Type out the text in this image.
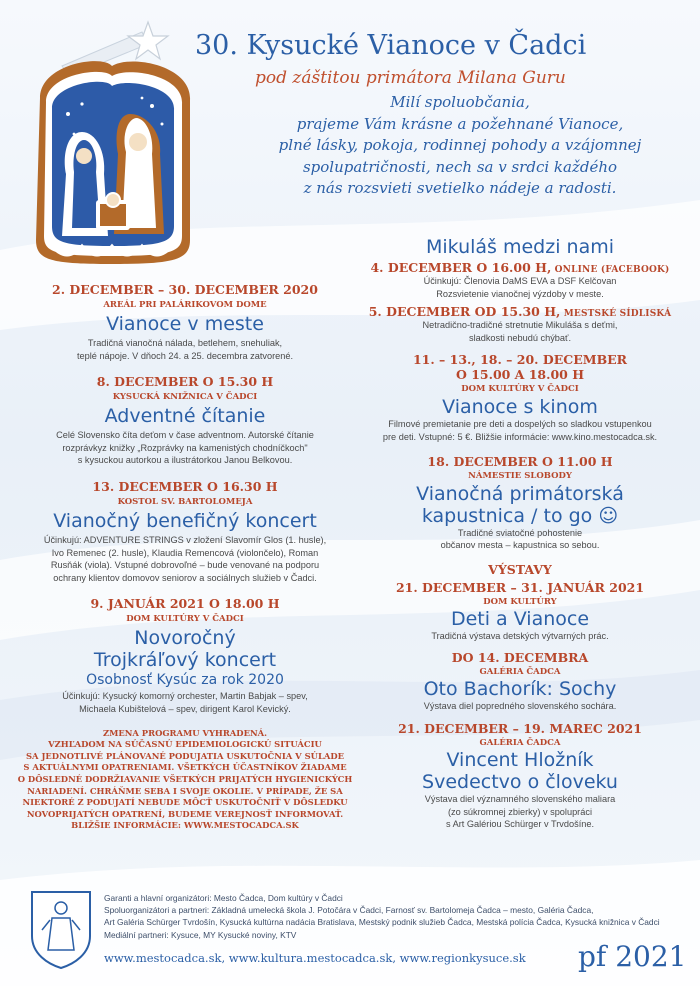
30. Kysucké Vianoce v Čadci
pod záštitou primátora Milana Guru
Milí spoluobčania,
prajeme Vám krásne a požehnané Vianoce,
plné lásky, pokoja, rodinnej pohody a vzájomnej
spolupatričnosti, nech sa v srdci každého
z nás rozsvieti svetielko nádeje a radosti.
2. DECEMBER – 30. DECEMBER 2020
AREÁL PRI PALÁRIKOVOM DOME
Vianoce v meste
Tradičná vianočná nálada, betlehem, snehuliak,
teplé nápoje. V dňoch 24. a 25. decembra zatvorené.
8. DECEMBER O 15.30 H
KYSUCKÁ KNIŽNICA V ČADCI
Adventné čítanie
Celé Slovensko číta deťom v čase adventnom. Autorské čítanie
rozprávkyz knižky „Rozprávky na kamenistých chodníčkoch"
s kysuckou autorkou a ilustrátorkou Janou Belkovou.
13. DECEMBER O 16.30 H
KOSTOL SV. BARTOLOMEJA
Vianočný benefičný koncert
Účinkujú: ADVENTURE STRINGS v zložení Slavomír Glos (1. husle),
Ivo Remenec (2. husle), Klaudia Remencová (violončelo), Roman
Rusňák (viola). Vstupné dobrovoľné – bude venované na podporu
ochrany klientov domovov seniorov a sociálnych služieb v Čadci.
9. JANUÁR 2021 O 18.00 H
DOM KULTÚRY V ČADCI
Novoročný
Trojkráľový koncert
Osobnosť Kysúc za rok 2020
Účinkujú: Kysucký komorný orchester, Martin Babjak – spev,
Michaela Kubištelová – spev, dirigent Karol Kevický.
ZMENA PROGRAMU VYHRADENÁ.
VZHĽADOM NA SÚČASNÚ EPIDEMIOLOGICKÚ SITUÁCIU
SA JEDNOTLIVÉ PLÁNOVANÉ PODUJATIA USKUTOČNIA V SÚLADE
S AKTUÁLNYMI OPATRENIAMI. VŠETKÝCH ÚČASTNÍKOV ŽIADAME
O DÔSLEDNÉ DODRŽIAVANIE VŠETKÝCH PRIJATÝCH HYGIENICKÝCH
NARIADENÍ. CHRÁŇME SEBA I SVOJE OKOLIE. V PRÍPADE, ŽE SA
NIEKTORÉ Z PODUJATÍ NEBUDE MÔCŤ USKUTOČNIŤ V DÔSLEDKU
NOVOPRIJATÝCH OPATRENÍ, BUDEME VEREJNOSŤ INFORMOVAŤ.
BLIŽŠIE INFORMÁCIE: WWW.MESTOCADCA.SK
Mikuláš medzi nami
4. DECEMBER O 16.00 H, ONLINE (FACEBOOK)
Účinkujú: Členovia DaMS EVA a DSF Kelčovan
Rozsvietenie vianočnej výzdoby v meste.
5. DECEMBER OD 15.30 H, MESTSKÉ SÍDLISKÁ
Netradično-tradičné stretnutie Mikuláša s deťmi,
sladkosti nebudú chýbať.
11. – 13., 18. – 20. DECEMBER
O 15.00 A 18.00 H
DOM KULTÚRY V ČADCI
Vianoce s kinom
Filmové premietanie pre deti a dospelých so sladkou vstupenkou
pre deti. Vstupné: 5 €. Bližšie informácie: www.kino.mestocadca.sk.
18. DECEMBER O 11.00 H
NÁMESTIE SLOBODY
Vianočná primátorská
kapustnica / to go ☺
Tradičné sviatočné pohostenie
občanov mesta – kapustnica so sebou.
VÝSTAVY
21. DECEMBER – 31. JANUÁR 2021
DOM KULTÚRY
Deti a Vianoce
Tradičná výstava detských výtvarných prác.
DO 14. DECEMBRA
GALÉRIA ČADCA
Oto Bachorík: Sochy
Výstava diel popredného slovenského sochára.
21. DECEMBER – 19. MAREC 2021
GALÉRIA ČADCA
Vincent Hložník
Svedectvo o človeku
Výstava diel významného slovenského maliara
(zo súkromnej zbierky) v spolupráci
s Art Galériou Schürger v Trvdošíne.
Garanti a hlavní organizátori: Mesto Čadca, Dom kultúry v Čadci
Spoluorganizátori a partneri: Základná umelecká škola J. Potočára v Čadci, Farnosť sv. Bartolomeja Čadca – mesto, Galéria Čadca,
Art Galéria Schürger Tvrdošín, Kysucká kultúrna nadácia Bratislava, Mestský podnik služieb Čadca, Mestská polícia Čadca, Kysucká knižnica v Čadci
Mediální partneri: Kysuce, MY Kysucké noviny, KTV
www.mestocadca.sk, www.kultura.mestocadca.sk, www.regionkysuce.sk pf 2021
